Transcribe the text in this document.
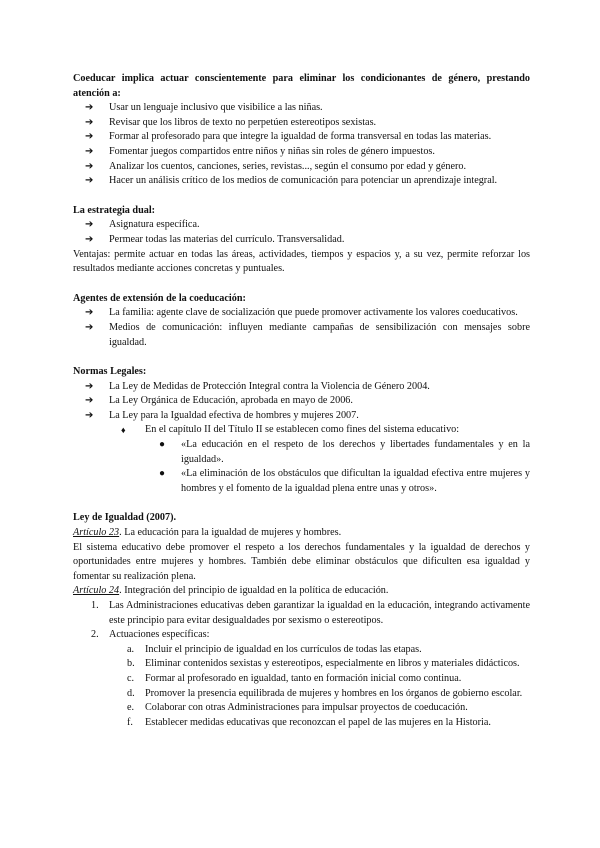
Coeducar implica actuar conscientemente para eliminar los condicionantes de género, prestando atención a:

➔	Usar un lenguaje inclusivo que visibilice a las niñas.
➔	Revisar que los libros de texto no perpetúen estereotipos sexistas.
➔	Formar al profesorado para que integre la igualdad de forma transversal en todas las materias.
➔	Fomentar juegos compartidos entre niños y niñas sin roles de género impuestos.
➔	Analizar los cuentos, canciones, series, revistas..., según el consumo por edad y género.
➔	Hacer un análisis crítico de los medios de comunicación para potenciar un aprendizaje integral.

La estrategia dual:

➔	Asignatura específica.
➔	Permear todas las materias del currículo. Transversalidad.

Ventajas: permite actuar en todas las áreas, actividades, tiempos y espacios y, a su vez, permite reforzar los resultados mediante acciones concretas y puntuales.

Agentes de extensión de la coeducación:

➔	La familia: agente clave de socialización que puede promover activamente los valores coeducativos.
➔	Medios de comunicación: influyen mediante campañas de sensibilización con mensajes sobre igualdad.

Normas Legales:

➔	La Ley de Medidas de Protección Integral contra la Violencia de Género 2004.
➔	La Ley Orgánica de Educación, aprobada en mayo de 2006.
➔	La Ley para la Igualdad efectiva de hombres y mujeres 2007.
♦ En el capítulo II del Título II se establecen como fines del sistema educativo:
● «La educación en el respeto de los derechos y libertades fundamentales y en la igualdad».
● «La eliminación de los obstáculos que dificultan la igualdad efectiva entre mujeres y hombres y el fomento de la igualdad plena entre unas y otros».

Ley de Igualdad (2007).

Artículo 23. La educación para la igualdad de mujeres y hombres.

El sistema educativo debe promover el respeto a los derechos fundamentales y la igualdad de derechos y oportunidades entre mujeres y hombres. También debe eliminar obstáculos que dificulten esa igualdad y fomentar su realización plena.

Artículo 24. Integración del principio de igualdad en la política de educación.

1. Las Administraciones educativas deben garantizar la igualdad en la educación, integrando activamente este principio para evitar desigualdades por sexismo o estereotipos.
2. Actuaciones específicas:
a. Incluir el principio de igualdad en los currículos de todas las etapas.
b. Eliminar contenidos sexistas y estereotipos, especialmente en libros y materiales didácticos.
c. Formar al profesorado en igualdad, tanto en formación inicial como continua.
d. Promover la presencia equilibrada de mujeres y hombres en los órganos de gobierno escolar.
e. Colaborar con otras Administraciones para impulsar proyectos de coeducación.
f. Establecer medidas educativas que reconozcan el papel de las mujeres en la Historia.
